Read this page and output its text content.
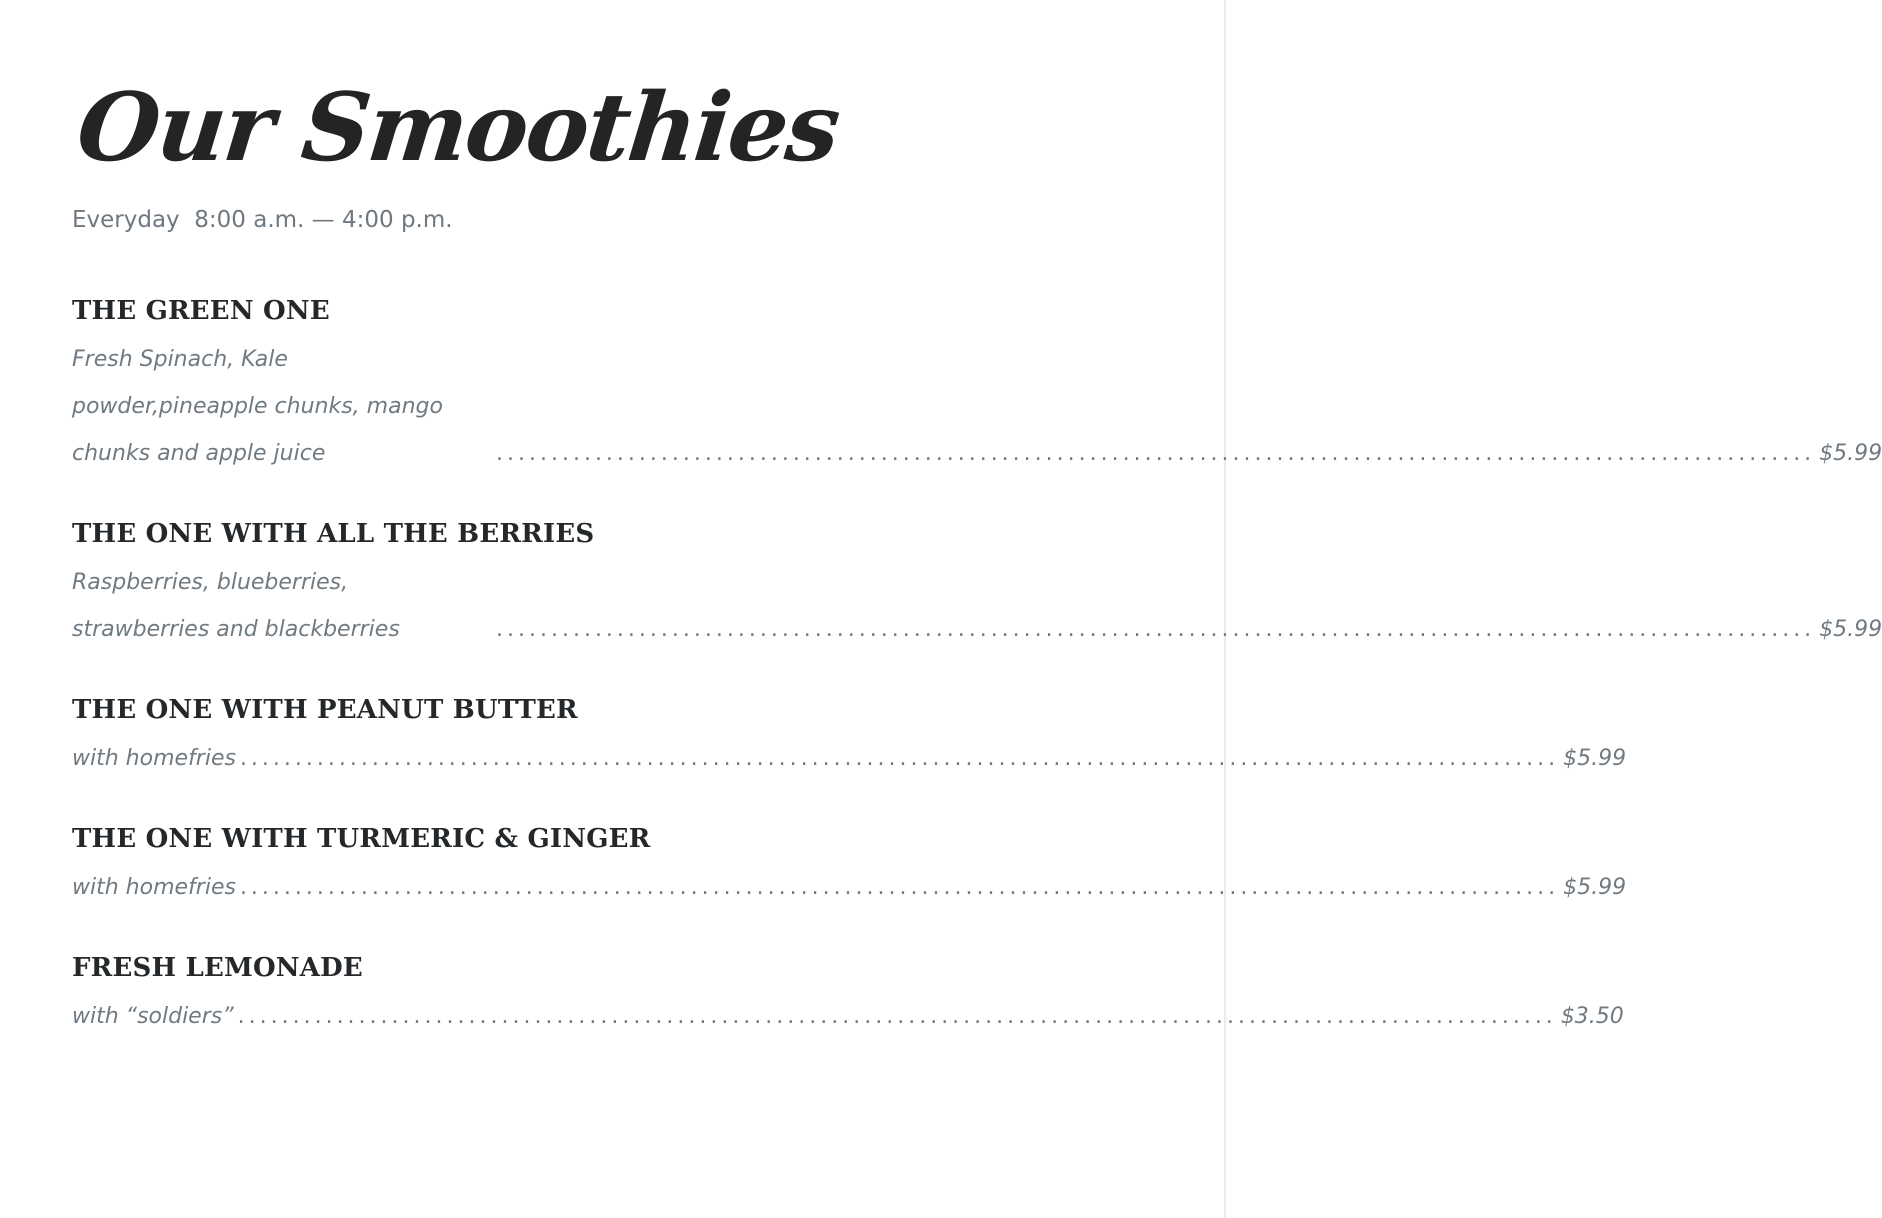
Our Smoothies

Everyday  8:00 a.m. — 4:00 p.m.

THE GREEN ONE
Fresh Spinach, Kale
powder,pineapple chunks, mango
chunks and apple juice	........................................................................................................................ $5.99
THE ONE WITH ALL THE BERRIES
Raspberries, blueberries,
strawberries and blackberries	........................................................................................................................ $5.99
THE ONE WITH PEANUT BUTTER
with homefries ........................................................................................................................ $5.99
THE ONE WITH TURMERIC & GINGER
with homefries ........................................................................................................................ $5.99
FRESH LEMONADE
with “soldiers” ........................................................................................................................ $3.50
